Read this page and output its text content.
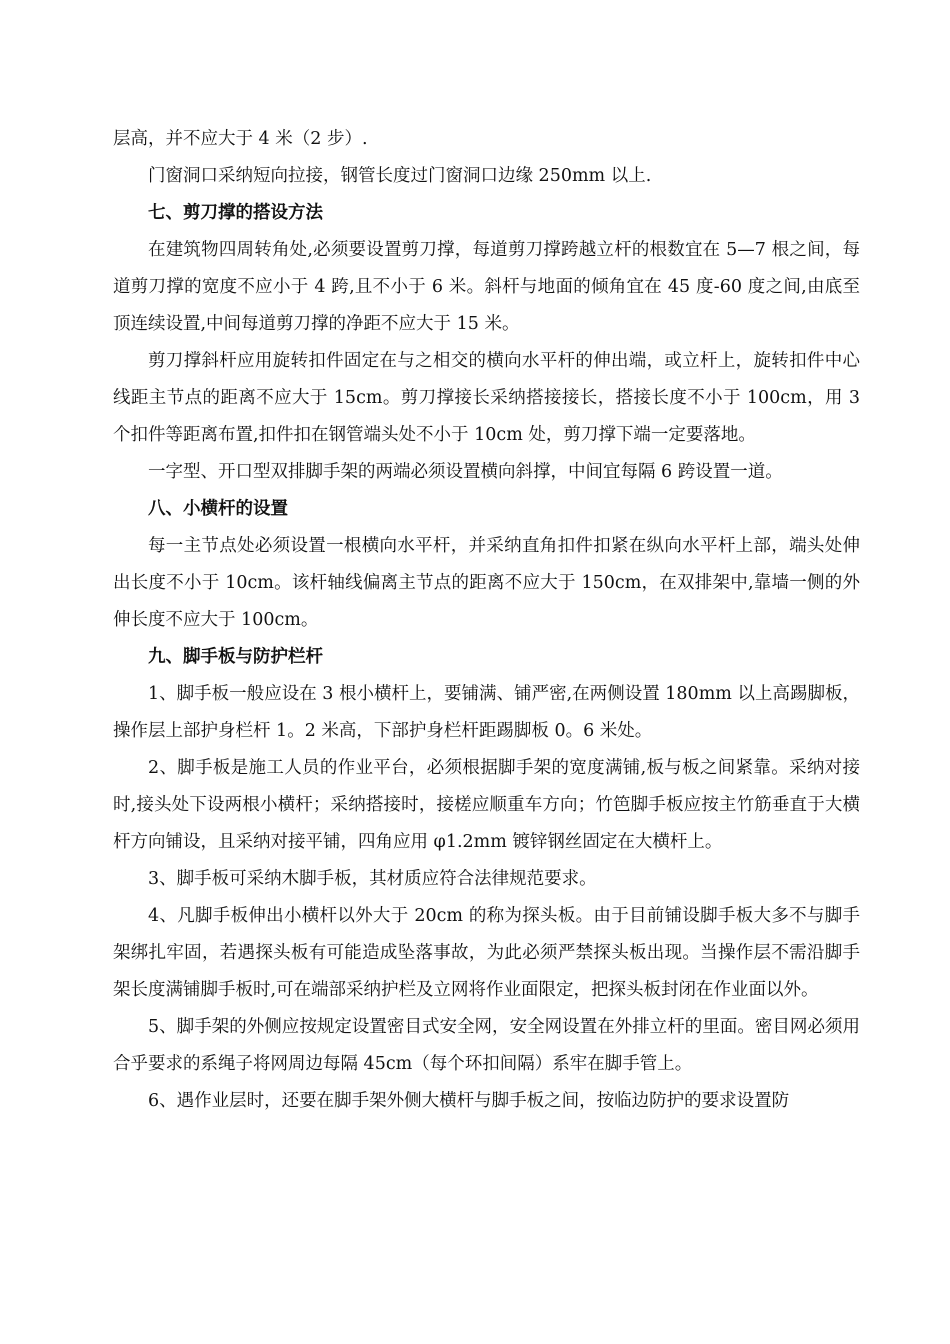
层高，并不应大于 4 米（2 步）.

门窗洞口采纳短向拉接，钢管长度过门窗洞口边缘 250mm 以上.

七、剪刀撑的搭设方法

在建筑物四周转角处,必须要设置剪刀撑，每道剪刀撑跨越立杆的根数宜在 5—7 根之间，每道剪刀撑的宽度不应小于 4 跨,且不小于 6 米。斜杆与地面的倾角宜在 45 度-60 度之间,由底至顶连续设置,中间每道剪刀撑的净距不应大于 15 米。

剪刀撑斜杆应用旋转扣件固定在与之相交的横向水平杆的伸出端，或立杆上，旋转扣件中心线距主节点的距离不应大于 15cm。剪刀撑接长采纳搭接接长，搭接长度不小于 100cm，用 3 个扣件等距离布置,扣件扣在钢管端头处不小于 10cm 处，剪刀撑下端一定要落地。

一字型、开口型双排脚手架的两端必须设置横向斜撑，中间宜每隔 6 跨设置一道。

八、小横杆的设置

每一主节点处必须设置一根横向水平杆，并采纳直角扣件扣紧在纵向水平杆上部，端头处伸出长度不小于 10cm。该杆轴线偏离主节点的距离不应大于 150cm，在双排架中,靠墙一侧的外伸长度不应大于 100cm。

九、脚手板与防护栏杆

1、脚手板一般应设在 3 根小横杆上，要铺满、铺严密,在两侧设置 180mm 以上高踢脚板，操作层上部护身栏杆 1。2 米高，下部护身栏杆距踢脚板 0。6 米处。

2、脚手板是施工人员的作业平台，必须根据脚手架的宽度满铺,板与板之间紧靠。采纳对接时,接头处下设两根小横杆；采纳搭接时，接槎应顺重车方向；竹笆脚手板应按主竹筋垂直于大横杆方向铺设，且采纳对接平铺，四角应用 φ1.2mm 镀锌钢丝固定在大横杆上。

3、脚手板可采纳木脚手板，其材质应符合法律规范要求。

4、凡脚手板伸出小横杆以外大于 20cm 的称为探头板。由于目前铺设脚手板大多不与脚手架绑扎牢固，若遇探头板有可能造成坠落事故，为此必须严禁探头板出现。当操作层不需沿脚手架长度满铺脚手板时,可在端部采纳护栏及立网将作业面限定，把探头板封闭在作业面以外。

5、脚手架的外侧应按规定设置密目式安全网，安全网设置在外排立杆的里面。密目网必须用合乎要求的系绳子将网周边每隔 45cm（每个环扣间隔）系牢在脚手管上。

6、遇作业层时，还要在脚手架外侧大横杆与脚手板之间，按临边防护的要求设置防
